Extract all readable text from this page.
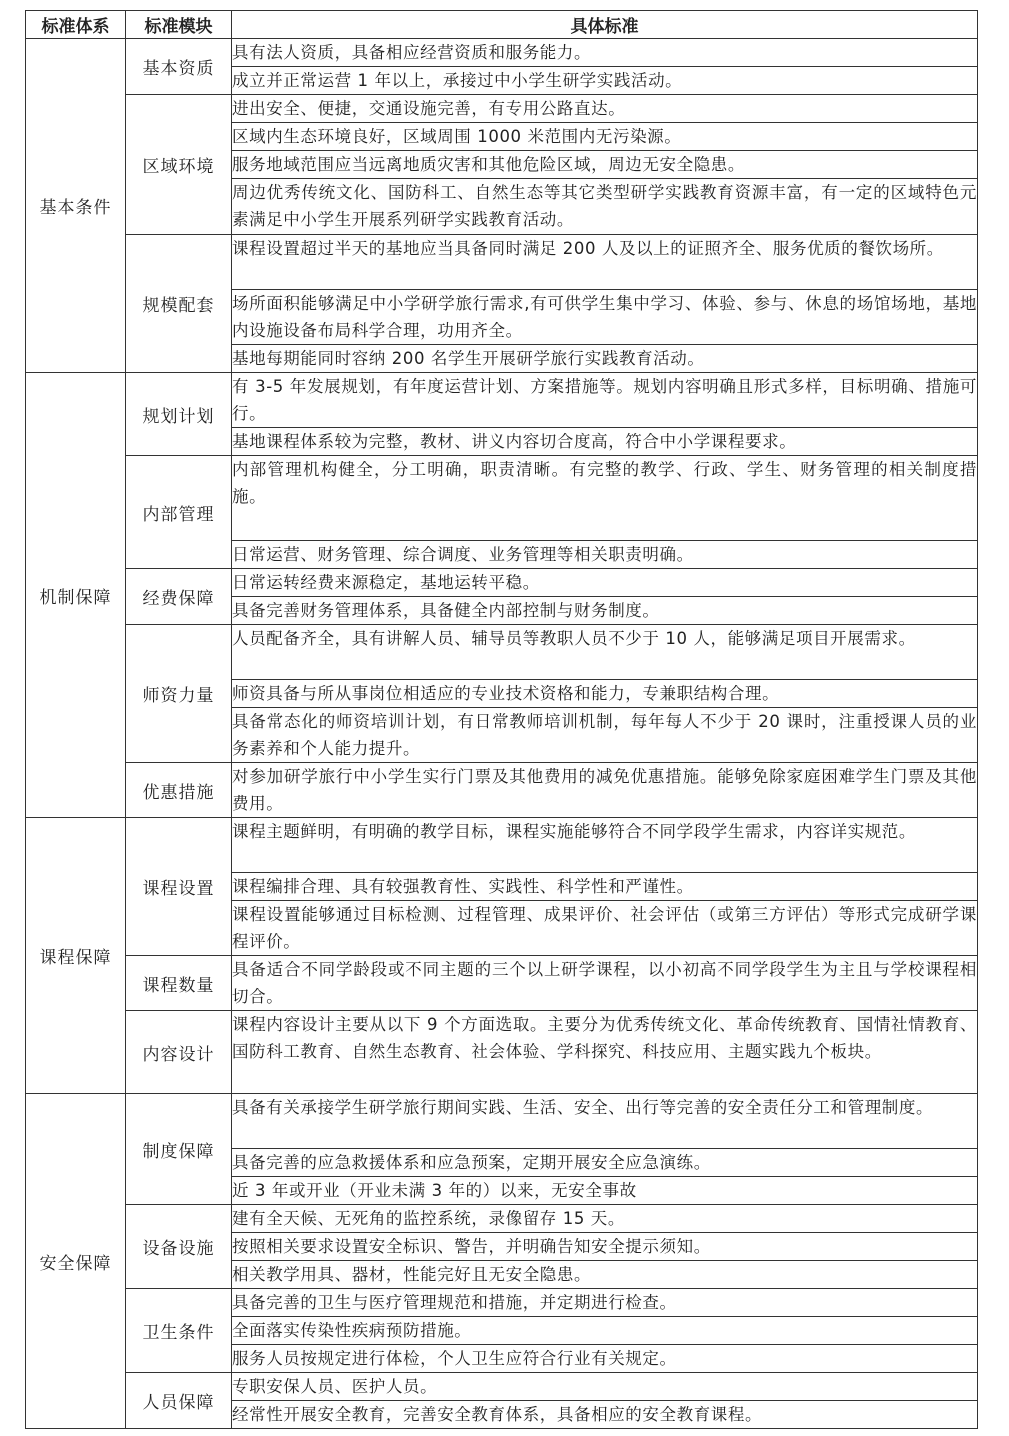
标准体系	标准模块	具体标准
基本条件	基本资质	具有法人资质，具备相应经营资质和服务能力。
		成立并正常运营 1 年以上，承接过中小学生研学实践活动。
	区域环境	进出安全、便捷，交通设施完善，有专用公路直达。
		区域内生态环境良好，区域周围 1000 米范围内无污染源。
		服务地域范围应当远离地质灾害和其他危险区域，周边无安全隐患。
		周边优秀传统文化、国防科工、自然生态等其它类型研学实践教育资源丰富，有一定的区域特色元素满足中小学生开展系列研学实践教育活动。
	规模配套	课程设置超过半天的基地应当具备同时满足 200 人及以上的证照齐全、服务优质的餐饮场所。
		场所面积能够满足中小学研学旅行需求,有可供学生集中学习、体验、参与、休息的场馆场地，基地内设施设备布局科学合理，功用齐全。
		基地每期能同时容纳 200 名学生开展研学旅行实践教育活动。
机制保障	规划计划	有 3-5 年发展规划，有年度运营计划、方案措施等。规划内容明确且形式多样，目标明确、措施可行。
		基地课程体系较为完整，教材、讲义内容切合度高，符合中小学课程要求。
	内部管理	内部管理机构健全，分工明确，职责清晰。有完整的教学、行政、学生、财务管理的相关制度措施。
		日常运营、财务管理、综合调度、业务管理等相关职责明确。
	经费保障	日常运转经费来源稳定，基地运转平稳。
		具备完善财务管理体系，具备健全内部控制与财务制度。
	师资力量	人员配备齐全，具有讲解人员、辅导员等教职人员不少于 10 人，能够满足项目开展需求。
		师资具备与所从事岗位相适应的专业技术资格和能力，专兼职结构合理。
		具备常态化的师资培训计划，有日常教师培训机制，每年每人不少于 20 课时，注重授课人员的业务素养和个人能力提升。
	优惠措施	对参加研学旅行中小学生实行门票及其他费用的减免优惠措施。能够免除家庭困难学生门票及其他费用。
课程保障	课程设置	课程主题鲜明，有明确的教学目标，课程实施能够符合不同学段学生需求，内容详实规范。
		课程编排合理、具有较强教育性、实践性、科学性和严谨性。
		课程设置能够通过目标检测、过程管理、成果评价、社会评估（或第三方评估）等形式完成研学课程评价。
	课程数量	具备适合不同学龄段或不同主题的三个以上研学课程，以小初高不同学段学生为主且与学校课程相切合。
	内容设计	课程内容设计主要从以下 9 个方面选取。主要分为优秀传统文化、革命传统教育、国情社情教育、国防科工教育、自然生态教育、社会体验、学科探究、科技应用、主题实践九个板块。
安全保障	制度保障	具备有关承接学生研学旅行期间实践、生活、安全、出行等完善的安全责任分工和管理制度。
		具备完善的应急救援体系和应急预案，定期开展安全应急演练。
		近 3 年或开业（开业未满 3 年的）以来，无安全事故
	设备设施	建有全天候、无死角的监控系统，录像留存 15 天。
		按照相关要求设置安全标识、警告，并明确告知安全提示须知。
		相关教学用具、器材，性能完好且无安全隐患。
	卫生条件	具备完善的卫生与医疗管理规范和措施，并定期进行检查。
		全面落实传染性疾病预防措施。
		服务人员按规定进行体检，个人卫生应符合行业有关规定。
	人员保障	专职安保人员、医护人员。
		经常性开展安全教育，完善安全教育体系，具备相应的安全教育课程。
